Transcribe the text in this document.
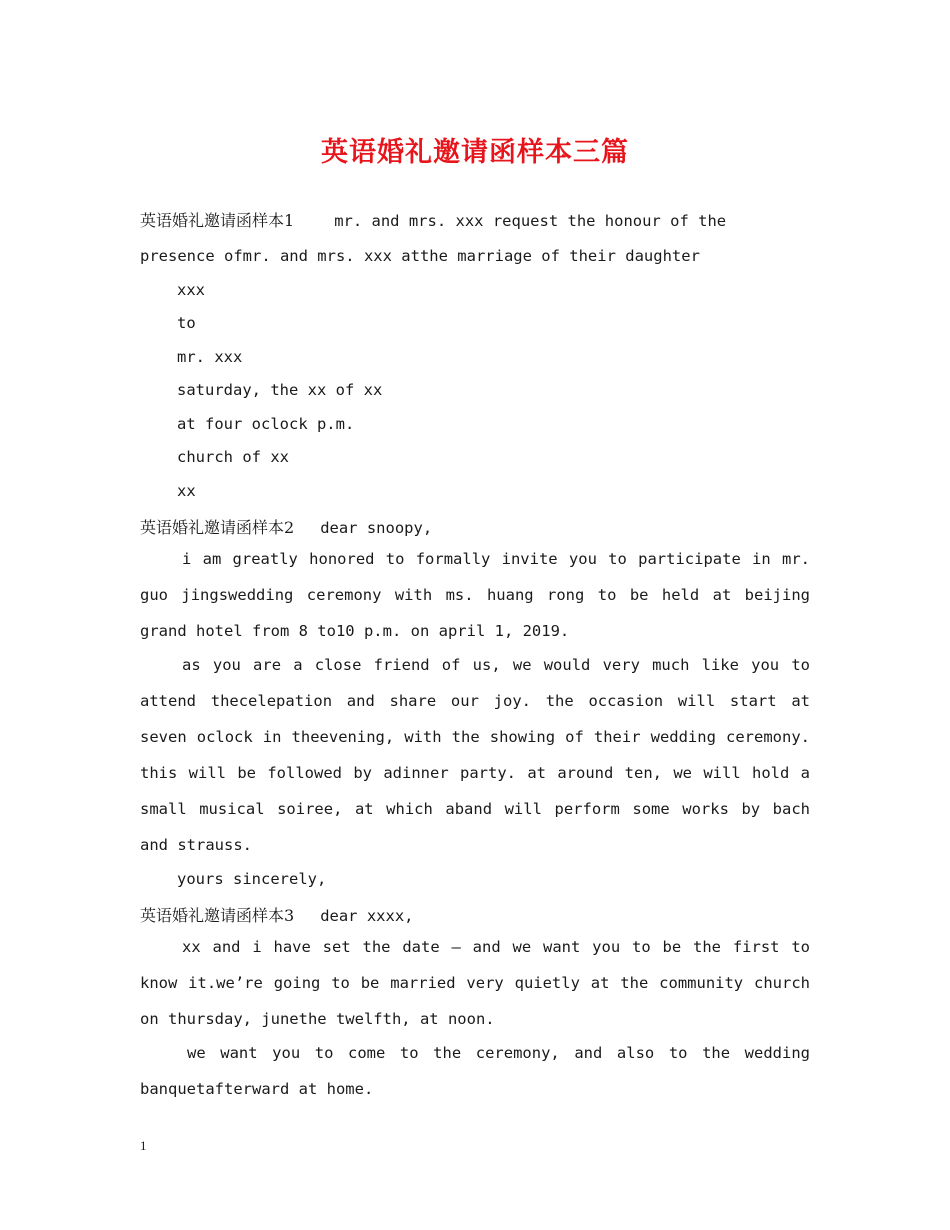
英语婚礼邀请函样本三篇
英语婚礼邀请函样本1	mr. and mrs. xxx request the honour of the
presence ofmr. and mrs. xxx atthe marriage of their daughter
xxx
to
mr. xxx
saturday, the xx of xx
at four oclock p.m.
church of xx
xx
英语婚礼邀请函样本2 dear snoopy,
i am greatly honored to formally invite you to participate in mr. guo jingswedding ceremony with ms. huang rong to be held at beijing grand hotel from 8 to10 p.m. on april 1, 2019.
as you are a close friend of us, we would very much like you to attend thecelepation and share our joy. the occasion will start at seven oclock in theevening, with the showing of their wedding ceremony. this will be followed by adinner party. at around ten, we will hold a small musical soiree, at which aband will perform some works by bach and strauss.
yours sincerely,
英语婚礼邀请函样本3 dear xxxx,
xx and i have set the date — and we want you to be the first to know it.we’re going to be married very quietly at the community church on thursday, junethe twelfth, at noon.
we want you to come to the ceremony, and also to the wedding banquetafterward at home.
1
